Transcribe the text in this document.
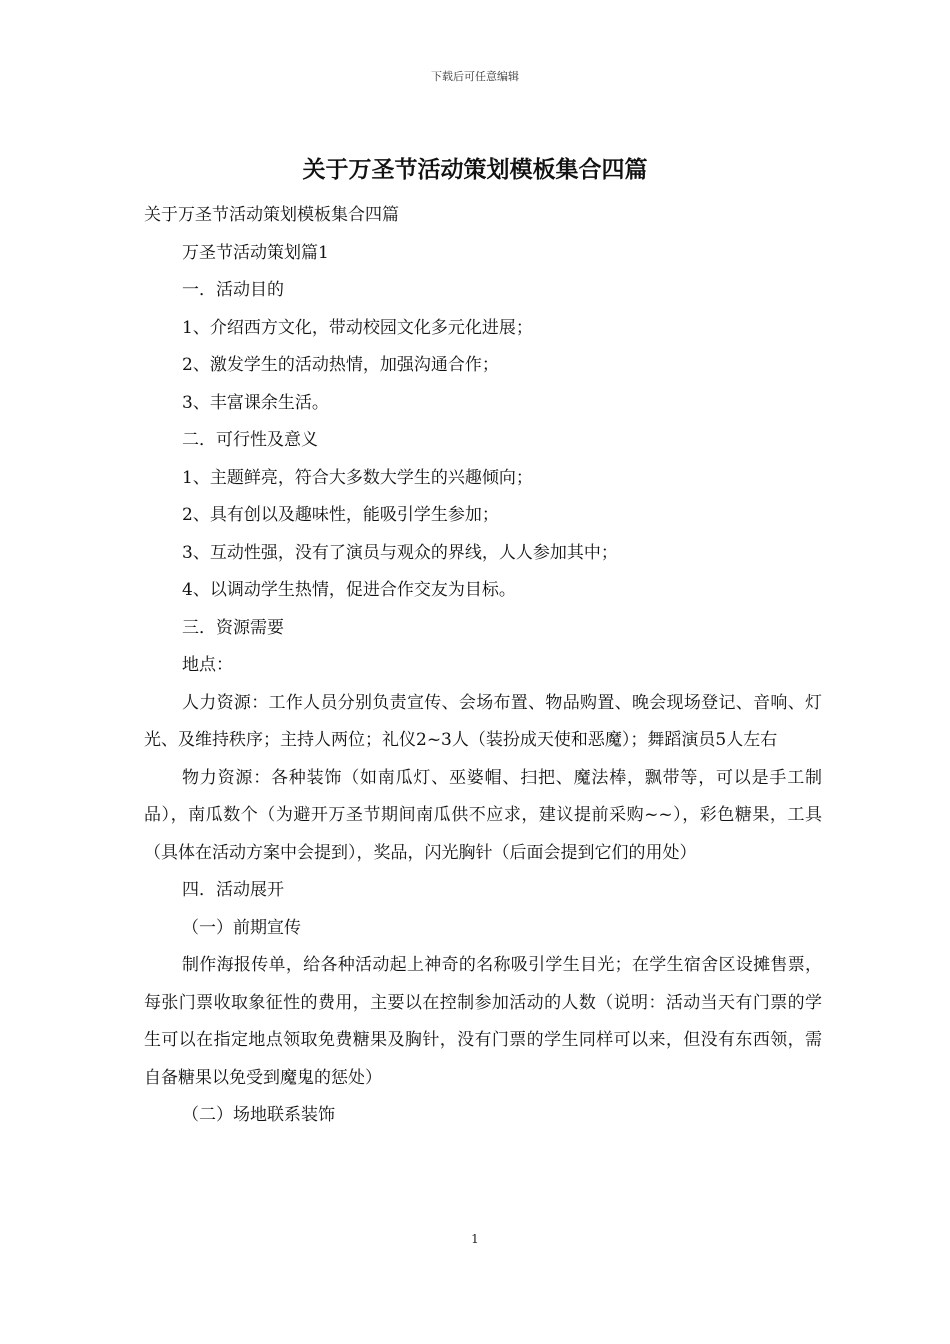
下载后可任意编辑
关于万圣节活动策划模板集合四篇

关于万圣节活动策划模板集合四篇

万圣节活动策划篇1

一．活动目的

1、介绍西方文化，带动校园文化多元化进展；

2、激发学生的活动热情，加强沟通合作；

3、丰富课余生活。

二．可行性及意义

1、主题鲜亮，符合大多数大学生的兴趣倾向；

2、具有创以及趣味性，能吸引学生参加；

3、互动性强，没有了演员与观众的界线，人人参加其中；

4、以调动学生热情，促进合作交友为目标。

三．资源需要

地点：

人力资源：工作人员分别负责宣传、会场布置、物品购置、晚会现场登记、音响、灯光、及维持秩序；主持人两位；礼仪2~3人（装扮成天使和恶魔）；舞蹈演员5人左右

物力资源：各种装饰（如南瓜灯、巫婆帽、扫把、魔法棒，飘带等，可以是手工制品），南瓜数个（为避开万圣节期间南瓜供不应求，建议提前采购~~），彩色糖果，工具（具体在活动方案中会提到），奖品，闪光胸针（后面会提到它们的用处）

四．活动展开

（一）前期宣传

制作海报传单，给各种活动起上神奇的名称吸引学生目光；在学生宿舍区设摊售票，每张门票收取象征性的费用，主要以在控制参加活动的人数（说明：活动当天有门票的学生可以在指定地点领取免费糖果及胸针，没有门票的学生同样可以来，但没有东西领，需自备糖果以免受到魔鬼的惩处）

（二）场地联系装饰

1
